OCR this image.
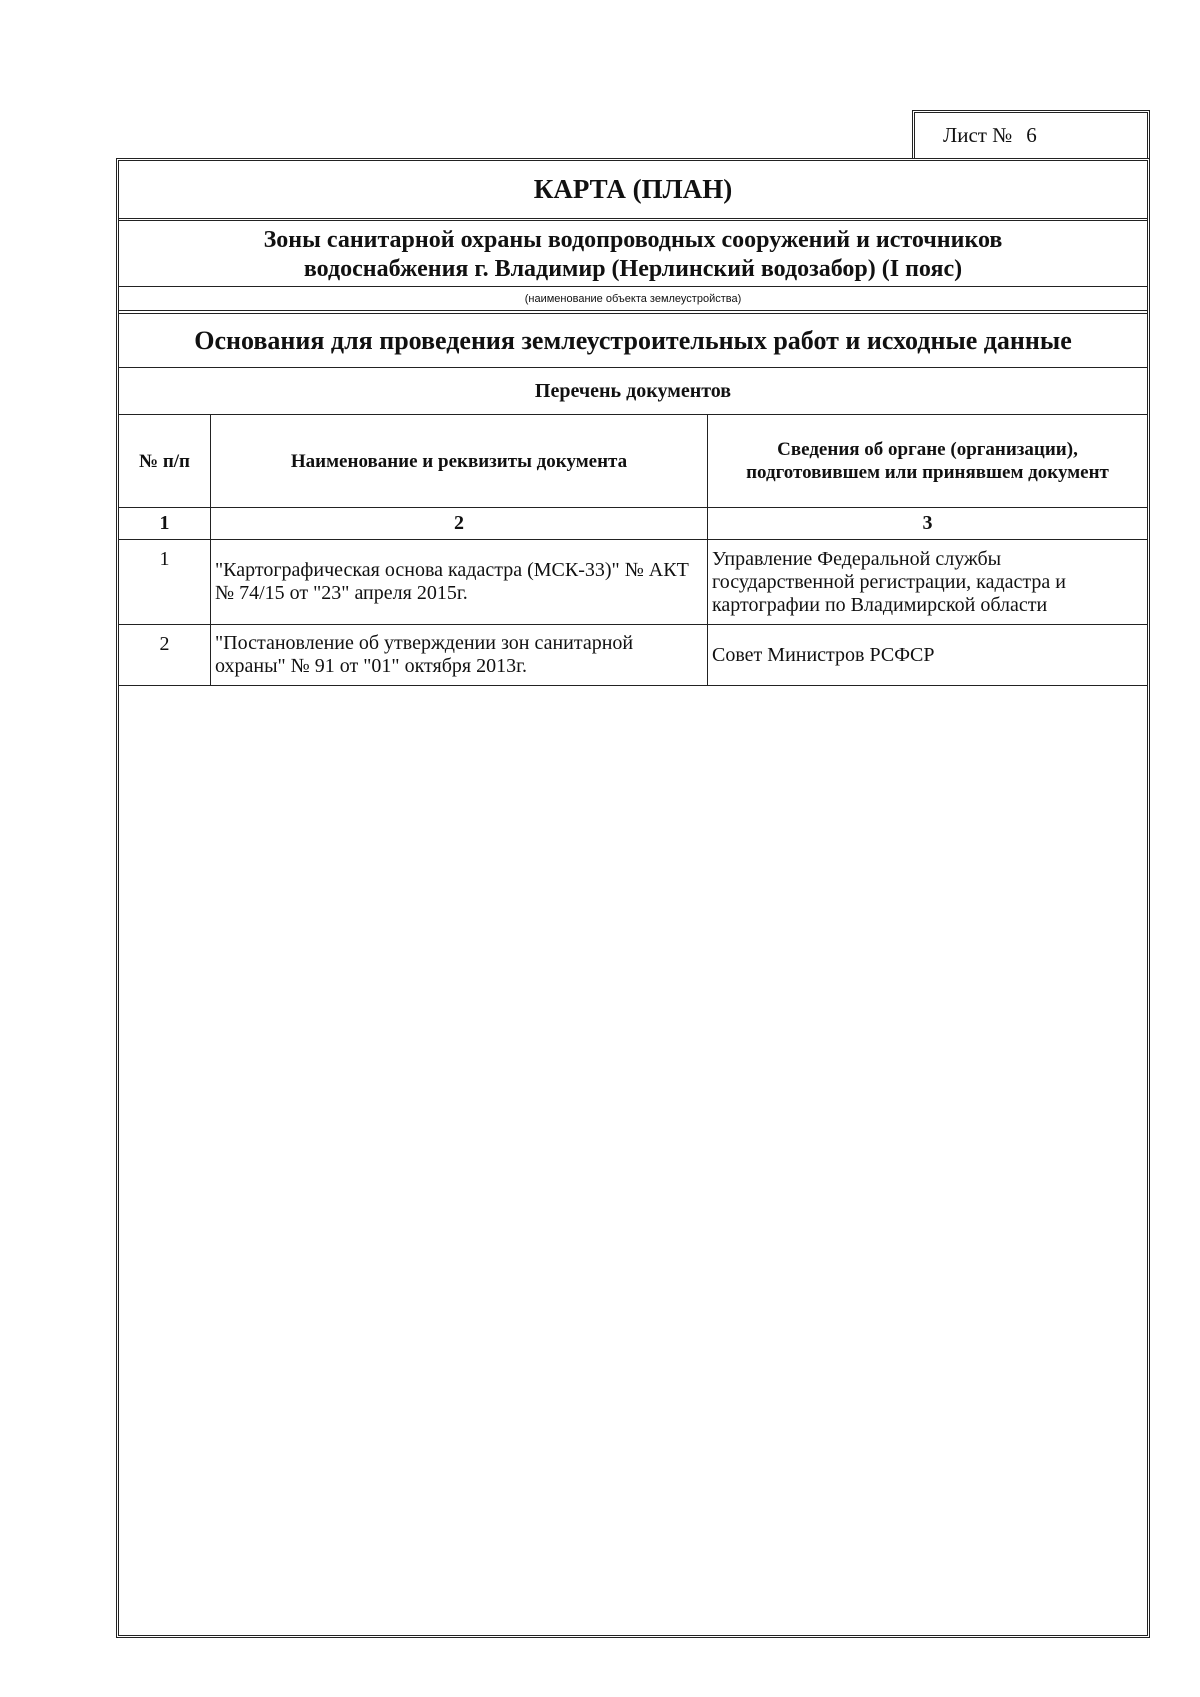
Лист № 6
КАРТА (ПЛАН)
Зоны санитарной охраны водопроводных сооружений и источников
водоснабжения г. Владимир (Нерлинский водозабор) (I пояс)
(наименование объекта землеустройства)
Основания для проведения землеустроительных работ и исходные данные
Перечень документов
№ п/п	Наименование и реквизиты документа	Сведения об органе (организации), подготовившем или принявшем документ
1	2	3
1	"Картографическая основа кадастра (МСК-33)" № АКТ № 74/15 от "23" апреля 2015г.	Управление Федеральной службы государственной регистрации, кадастра и картографии по Владимирской области
2	"Постановление об утверждении зон санитарной охраны" № 91 от "01" октября 2013г.	Совет Министров РСФСР
